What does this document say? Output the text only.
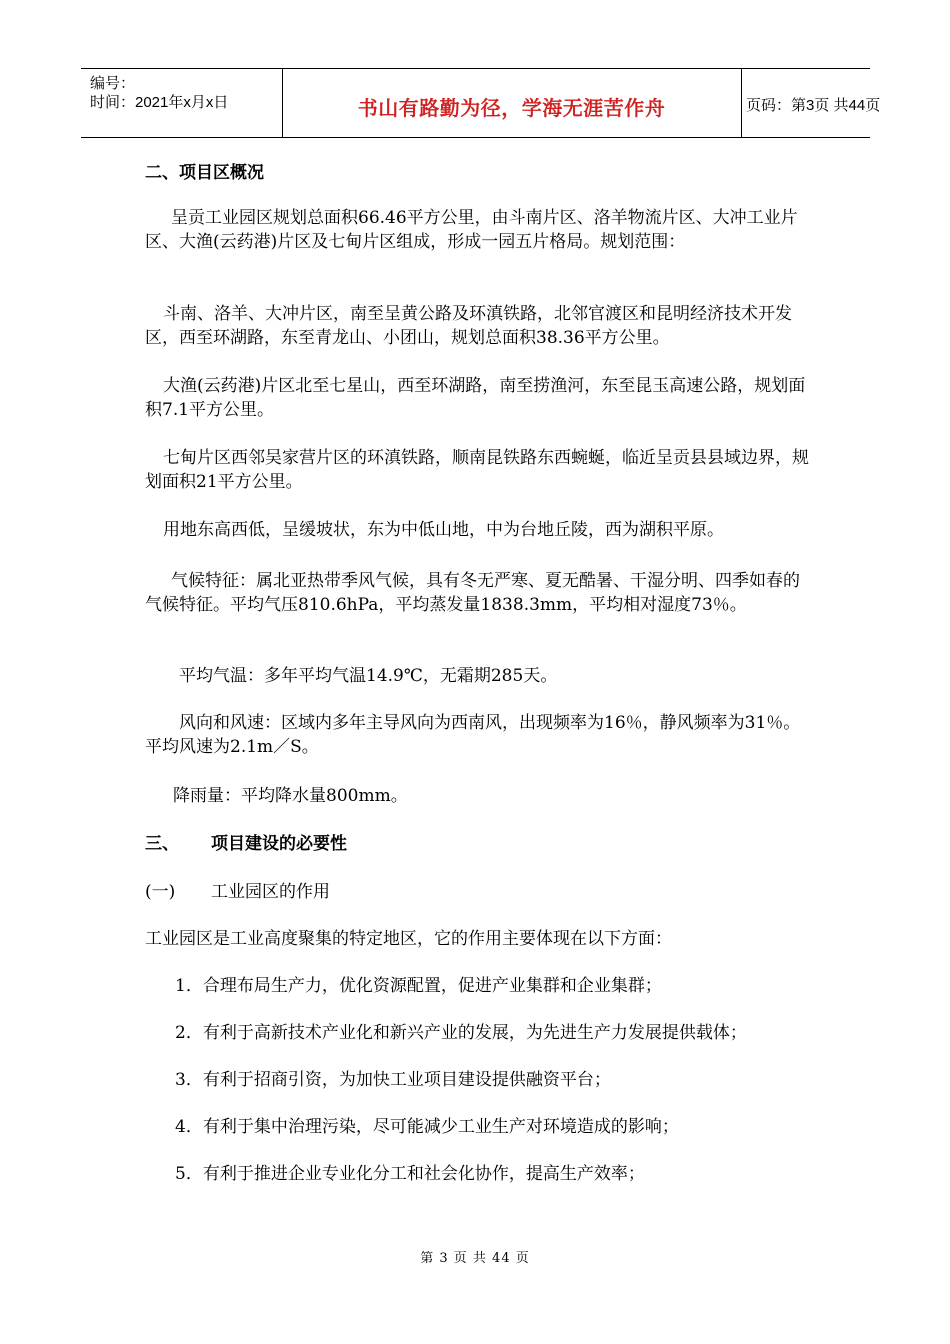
编号：
时间：2021年x月x日	书山有路勤为径，学海无涯苦作舟	页码：第3页 共44页
二、项目区概况
呈贡工业园区规划总面积66.46平方公里，由斗南片区、洛羊物流片区、大冲工业片区、大渔(云药港)片区及七甸片区组成，形成一园五片格局。规划范围：
斗南、洛羊、大冲片区，南至呈黄公路及环滇铁路，北邻官渡区和昆明经济技术开发区，西至环湖路，东至青龙山、小团山，规划总面积38.36平方公里。
大渔(云药港)片区北至七星山，西至环湖路，南至捞渔河，东至昆玉高速公路，规划面积7.1平方公里。
七甸片区西邻吴家营片区的环滇铁路，顺南昆铁路东西蜿蜒，临近呈贡县县域边界，规划面积21平方公里。
用地东高西低，呈缓坡状，东为中低山地，中为台地丘陵，西为湖积平原。
气候特征：属北亚热带季风气候，具有冬无严寒、夏无酷暑、干湿分明、四季如春的气候特征。平均气压810.6hPa，平均蒸发量1838.3mm，平均相对湿度73％。
平均气温：多年平均气温14.9℃，无霜期285天。
风向和风速：区域内多年主导风向为西南风，出现频率为16％，静风频率为31％。平均风速为2.1m／S。
降雨量：平均降水量800mm。
三、 项目建设的必要性
(一) 工业园区的作用
工业园区是工业高度聚集的特定地区，它的作用主要体现在以下方面：
1．合理布局生产力，优化资源配置，促进产业集群和企业集群；
2．有利于高新技术产业化和新兴产业的发展，为先进生产力发展提供载体；
3．有利于招商引资，为加快工业项目建设提供融资平台；
4．有利于集中治理污染，尽可能减少工业生产对环境造成的影响；
5．有利于推进企业专业化分工和社会化协作，提高生产效率；
第 3 页 共 44 页
